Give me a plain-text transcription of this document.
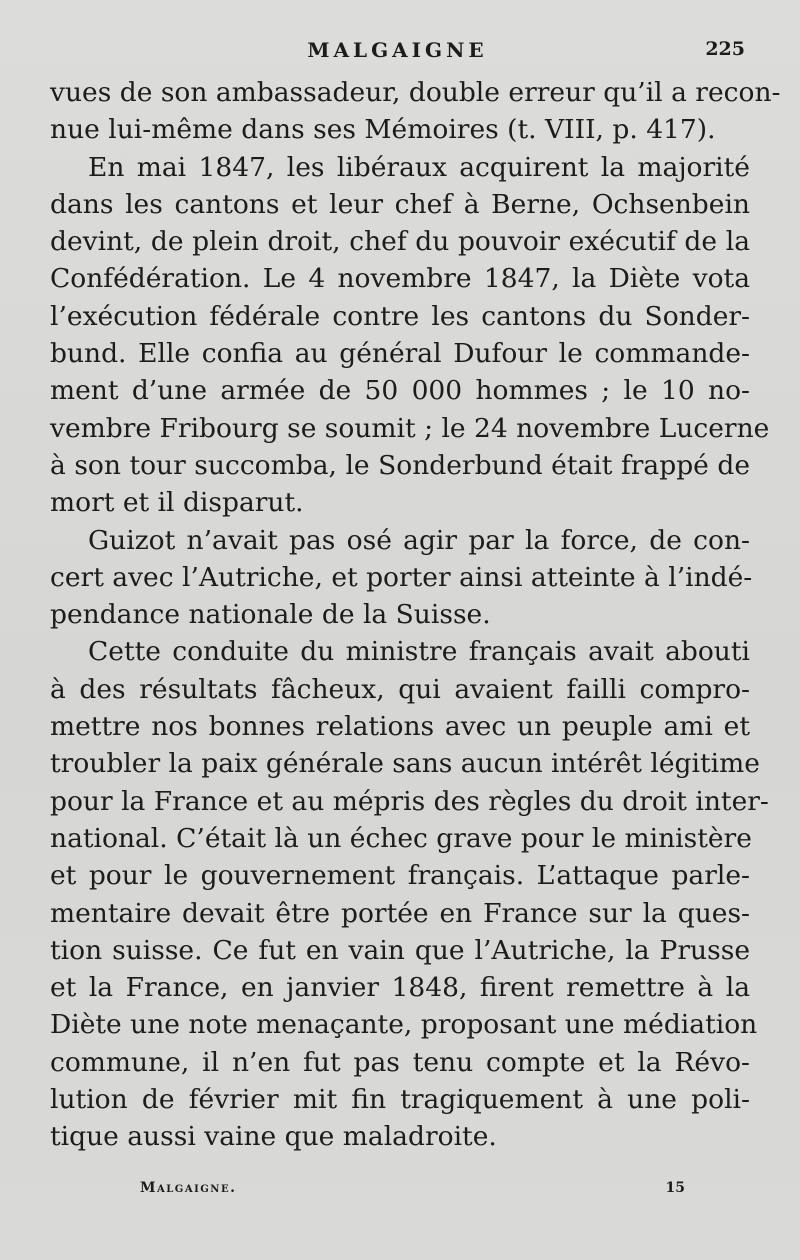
MALGAIGNE	225

vues de son ambassadeur, double erreur qu’il a recon-
nue lui-même dans ses Mémoires (t. VIII, p. 417).

En mai 1847, les libéraux acquirent la majorité
dans les cantons et leur chef à Berne, Ochsenbein
devint, de plein droit, chef du pouvoir exécutif de la
Confédération. Le 4 novembre 1847, la Diète vota
l’exécution fédérale contre les cantons du Sonder-
bund. Elle confia au général Dufour le commande-
ment d’une armée de 50 000 hommes ; le 10 no-
vembre Fribourg se soumit ; le 24 novembre Lucerne
à son tour succomba, le Sonderbund était frappé de
mort et il disparut.

Guizot n’avait pas osé agir par la force, de con-
cert avec l’Autriche, et porter ainsi atteinte à l’indé-
pendance nationale de la Suisse.

Cette conduite du ministre français avait abouti
à des résultats fâcheux, qui avaient failli compro-
mettre nos bonnes relations avec un peuple ami et
troubler la paix générale sans aucun intérêt légitime
pour la France et au mépris des règles du droit inter-
national. C’était là un échec grave pour le ministère
et pour le gouvernement français. L’attaque parle-
mentaire devait être portée en France sur la ques-
tion suisse. Ce fut en vain que l’Autriche, la Prusse
et la France, en janvier 1848, firent remettre à la
Diète une note menaçante, proposant une médiation
commune, il n’en fut pas tenu compte et la Révo-
lution de février mit fin tragiquement à une poli-
tique aussi vaine que maladroite.

Malgaigne.	15
